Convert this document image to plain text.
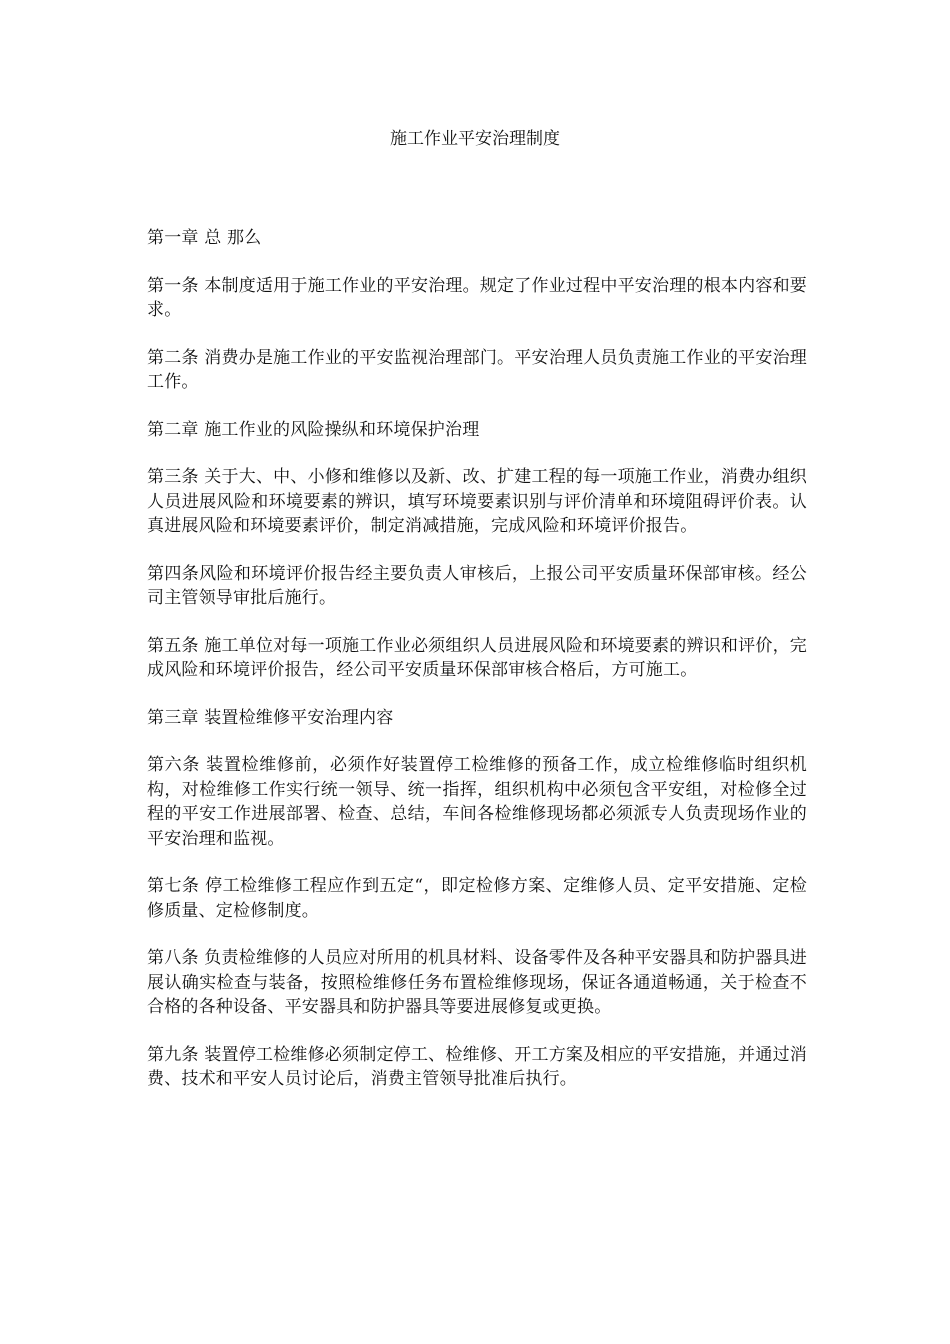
施工作业平安治理制度

第一章 总 那么

第一条 本制度适用于施工作业的平安治理。规定了作业过程中平安治理的根本内容和要求。

第二条 消费办是施工作业的平安监视治理部门。平安治理人员负责施工作业的平安治理工作。

第二章 施工作业的风险操纵和环境保护治理

第三条 关于大、中、小修和维修以及新、改、扩建工程的每一项施工作业，消费办组织人员进展风险和环境要素的辨识，填写环境要素识别与评价清单和环境阻碍评价表。认真进展风险和环境要素评价，制定消减措施，完成风险和环境评价报告。

第四条风险和环境评价报告经主要负责人审核后，上报公司平安质量环保部审核。经公司主管领导审批后施行。

第五条 施工单位对每一项施工作业必须组织人员进展风险和环境要素的辨识和评价，完成风险和环境评价报告，经公司平安质量环保部审核合格后，方可施工。

第三章 装置检维修平安治理内容

第六条 装置检维修前，必须作好装置停工检维修的预备工作，成立检维修临时组织机构，对检维修工作实行统一领导、统一指挥，组织机构中必须包含平安组，对检修全过程的平安工作进展部署、检查、总结，车间各检维修现场都必须派专人负责现场作业的平安治理和监视。

第七条 停工检维修工程应作到五定“，即定检修方案、定维修人员、定平安措施、定检修质量、定检修制度。

第八条 负责检维修的人员应对所用的机具材料、设备零件及各种平安器具和防护器具进展认确实检查与装备，按照检维修任务布置检维修现场，保证各通道畅通，关于检查不合格的各种设备、平安器具和防护器具等要进展修复或更换。

第九条 装置停工检维修必须制定停工、检维修、开工方案及相应的平安措施，并通过消费、技术和平安人员讨论后，消费主管领导批准后执行。
